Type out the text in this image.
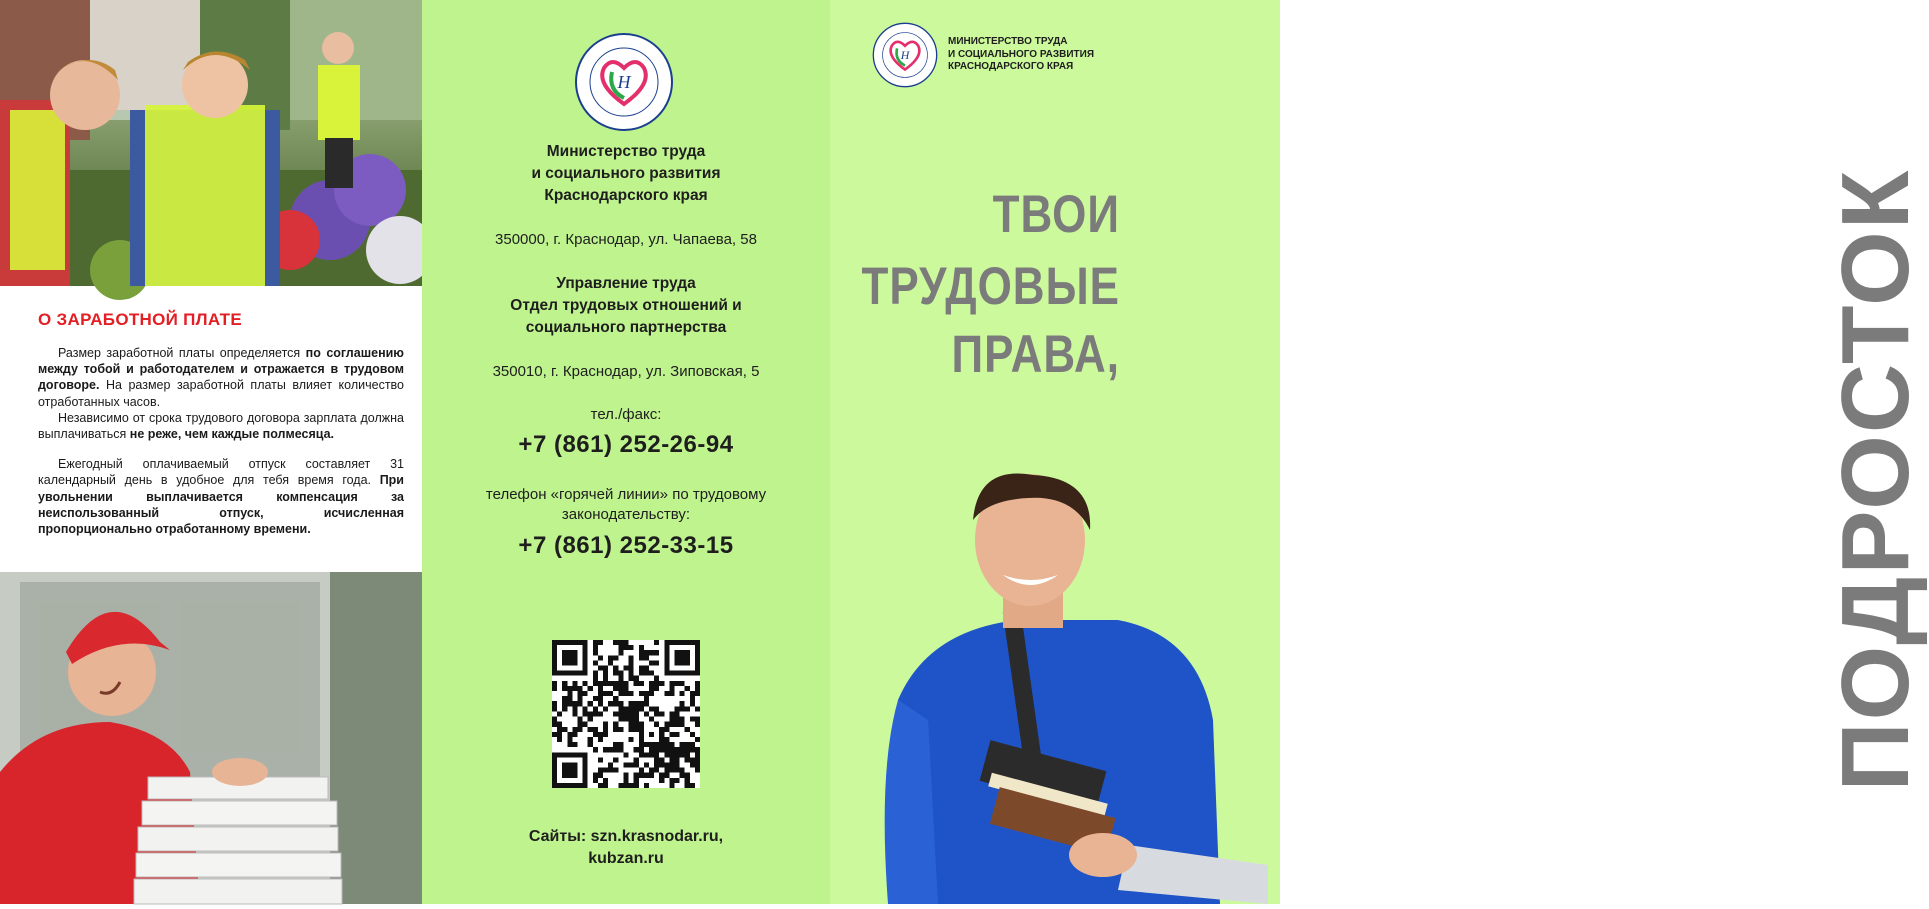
О ЗАРАБОТНОЙ ПЛАТЕ

Размер заработной платы определяется по соглашению между тобой и работодателем и отражается в трудовом договоре. На размер заработной платы влияет количество отработанных часов.

Независимо от срока трудового договора зарплата должна выплачиваться не реже, чем каждые полмесяца.

Ежегодный оплачиваемый отпуск составляет 31 календарный день в удобное для тебя время года. При увольнении выплачивается компенсация за неиспользованный отпуск, исчисленная пропорционально отработанному времени.

Н
Министерство труда
и социального развития
Краснодарского края
350000, г. Краснодар, ул. Чапаева, 58
Управление труда
Отдел трудовых отношений и
социального партнерства
350010, г. Краснодар, ул. Зиповская, 5
тел./факс:
+7 (861) 252-26-94
телефон «горячей линии» по трудовому
законодательству:
+7 (861) 252-33-15
Сайты: szn.krasnodar.ru,
kubzan.ru
Н
МИНИСТЕРСТВО ТРУДА
И СОЦИАЛЬНОГО РАЗВИТИЯ
КРАСНОДАРСКОГО КРАЯ
ТВОИ
ТРУДОВЫЕ
ПРАВА,	ПОДРОСТОК
